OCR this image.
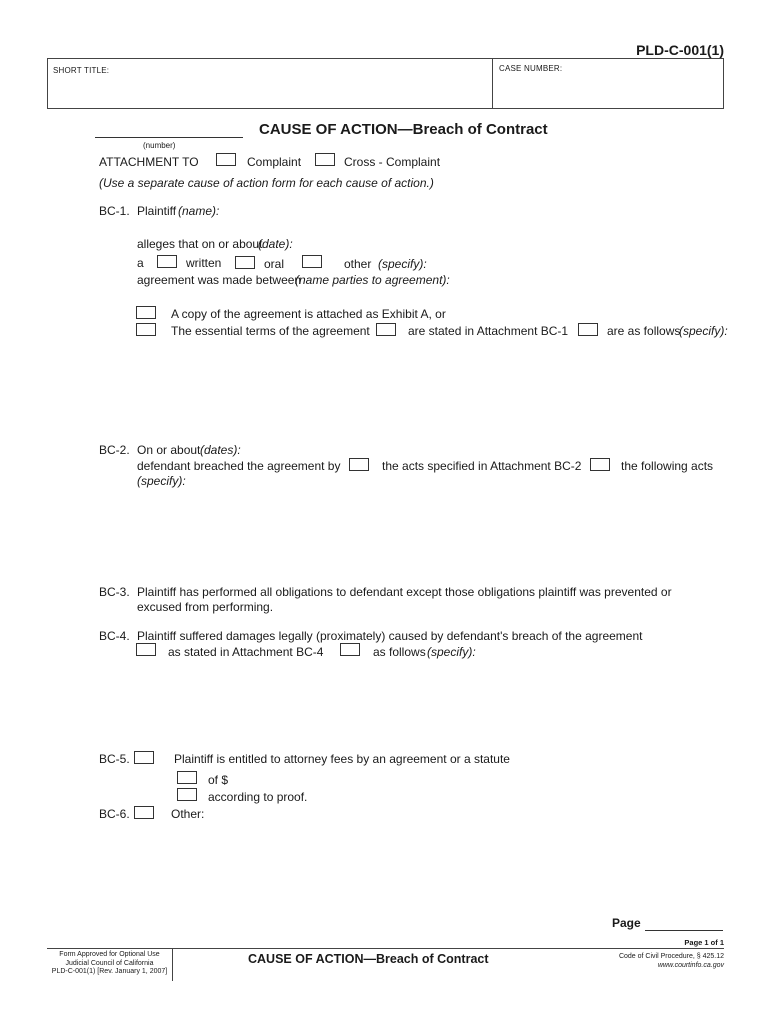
PLD-C-001(1)
SHORT TITLE:	CASE NUMBER:
(number)
CAUSE OF ACTION—Breach of Contract
ATTACHMENT TO	Complaint	Cross - Complaint
(Use a separate cause of action form for each cause of action.)
BC-1. Plaintiff (name):
alleges that on or about
(date):
a	written	oral	other (specify):
agreement was made between
(name parties to agreement):
A copy of the agreement is attached as Exhibit A, or
The essential terms of the agreement	are stated in Attachment BC-1	are as follows
(specify):
BC-2. On or about (dates):
defendant breached the agreement by	the acts specified in Attachment BC-2	the following acts
(specify):
BC-3. Plaintiff has performed all obligations to defendant except those obligations plaintiff was prevented or
excused from performing.
BC-4. Plaintiff suffered damages legally (proximately) caused by defendant's breach of the agreement
as stated in Attachment BC-4	as follows (specify):
BC-5.	Plaintiff is entitled to attorney fees by an agreement or a statute
of $
according to proof.
BC-6.	Other:
Page
Page 1 of 1
Form Approved for Optional Use
Judicial Council of California
PLD-C-001(1) [Rev. January 1, 2007]
CAUSE OF ACTION—Breach of Contract	Code of Civil Procedure, § 425.12
www.courtinfo.ca.gov
